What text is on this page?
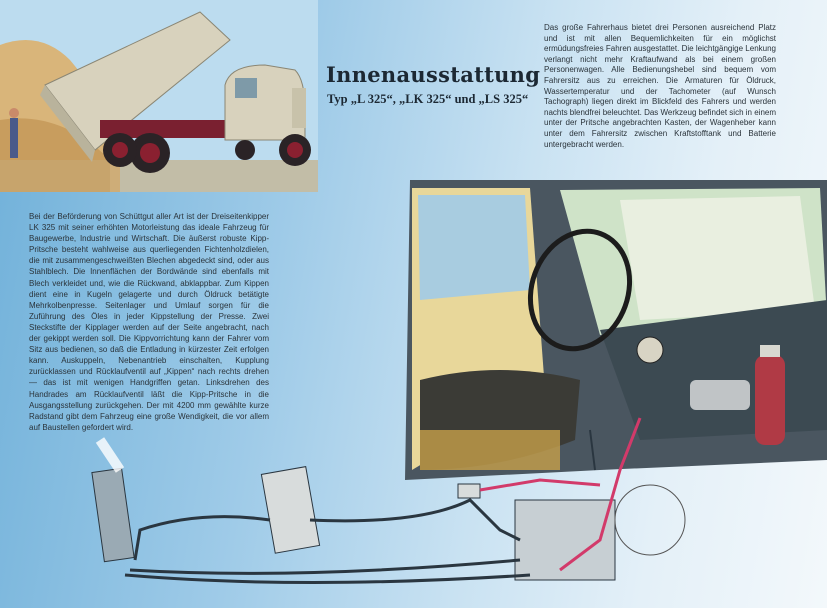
Innenausstattung
Typ „L 325“, „LK 325“ und „LS 325“
Das große Fahrerhaus bietet drei Personen ausreichend Platz und ist mit allen Bequemlichkeiten für ein möglichst ermüdungsfreies Fahren ausgestattet. Die leichtgängige Lenkung verlangt nicht mehr Kraftaufwand als bei einem großen Personenwagen. Alle Bedienungshebel sind bequem vom Fahrersitz aus zu erreichen. Die Armaturen für Öldruck, Wassertemperatur und der Tachometer (auf Wunsch Tachograph) liegen direkt im Blickfeld des Fahrers und werden nachts blendfrei beleuchtet. Das Werkzeug befindet sich in einem unter der Pritsche angebrachten Kasten, der Wagenheber kann unter dem Fahrersitz zwischen Kraftstofftank und Batterie untergebracht werden.
Bei der Beförderung von Schüttgut aller Art ist der Dreiseitenkipper LK 325 mit seiner erhöhten Motorleistung das ideale Fahrzeug für Baugewerbe, Industrie und Wirtschaft. Die äußerst robuste Kipp-Pritsche besteht wahlweise aus querliegenden Fichtenholzdielen, die mit zusammengeschweißten Blechen abgedeckt sind, oder aus Stahlblech. Die Innenflächen der Bordwände sind ebenfalls mit Blech verkleidet und, wie die Rückwand, abklappbar. Zum Kippen dient eine in Kugeln gelagerte und durch Öldruck betätigte Mehrkolbenpresse. Seitenlager und Umlauf sorgen für die Zuführung des Öles in jeder Kippstellung der Presse. Zwei Steckstifte der Kipplager werden auf der Seite angebracht, nach der gekippt werden soll. Die Kippvorrichtung kann der Fahrer vom Sitz aus bedienen, so daß die Entladung in kürzester Zeit erfolgen kann. Auskuppeln, Nebenantrieb einschalten, Kupplung zurücklassen und Rücklaufventil auf „Kippen“ nach rechts drehen — das ist mit wenigen Handgriffen getan. Linksdrehen des Handrades am Rücklaufventil läßt die Kipp-Pritsche in die Ausgangsstellung zurückgehen. Der mit 4200 mm gewählte kurze Radstand gibt dem Fahrzeug eine große Wendigkeit, die vor allem auf Baustellen gefordert wird.
